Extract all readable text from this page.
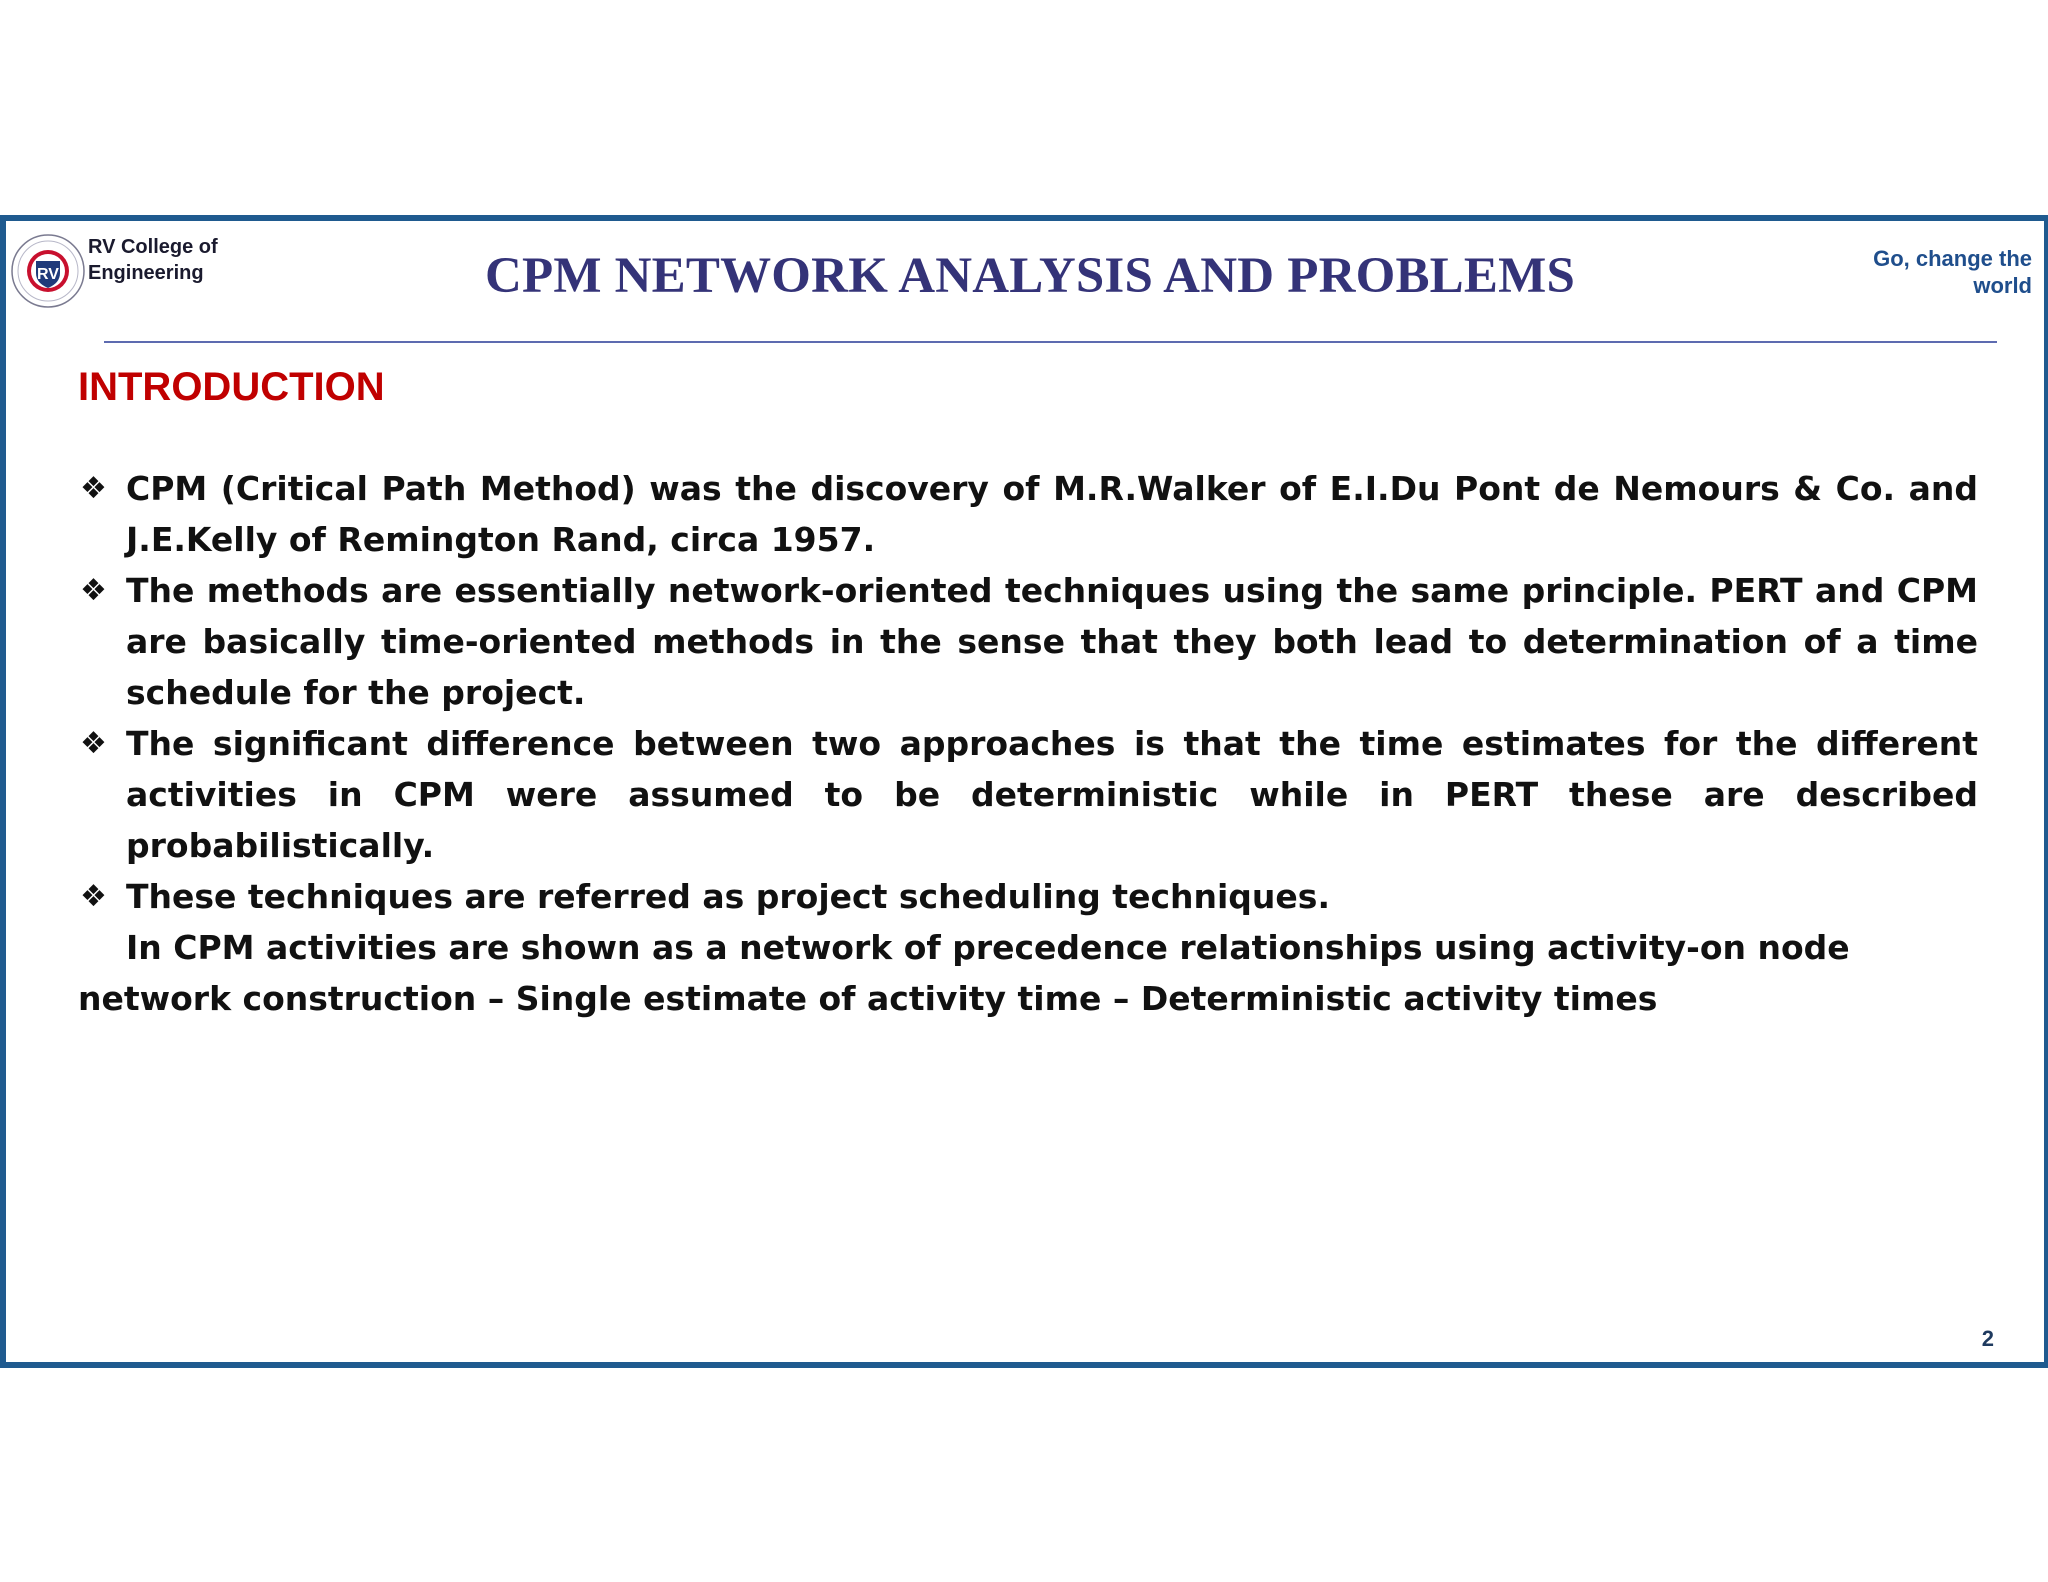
RV
RV College of
Engineering	CPM NETWORK ANALYSIS AND PROBLEMS	Go, change the
world
INTRODUCTION
❖ CPM (Critical Path Method) was the discovery of M.R.Walker of E.I.Du Pont de Nemours & Co. and J.E.Kelly of Remington Rand, circa 1957.
❖ The methods are essentially network-oriented techniques using the same principle. PERT and CPM are basically time-oriented methods in the sense that they both lead to determination of a time schedule for the project.
❖ The significant difference between two approaches is that the time estimates for the different activities in CPM were assumed to be deterministic while in PERT these are described probabilistically.
❖ These techniques are referred as project scheduling techniques.
In CPM activities are shown as a network of precedence relationships using activity-on node network construction – Single estimate of activity time – Deterministic activity times
2
